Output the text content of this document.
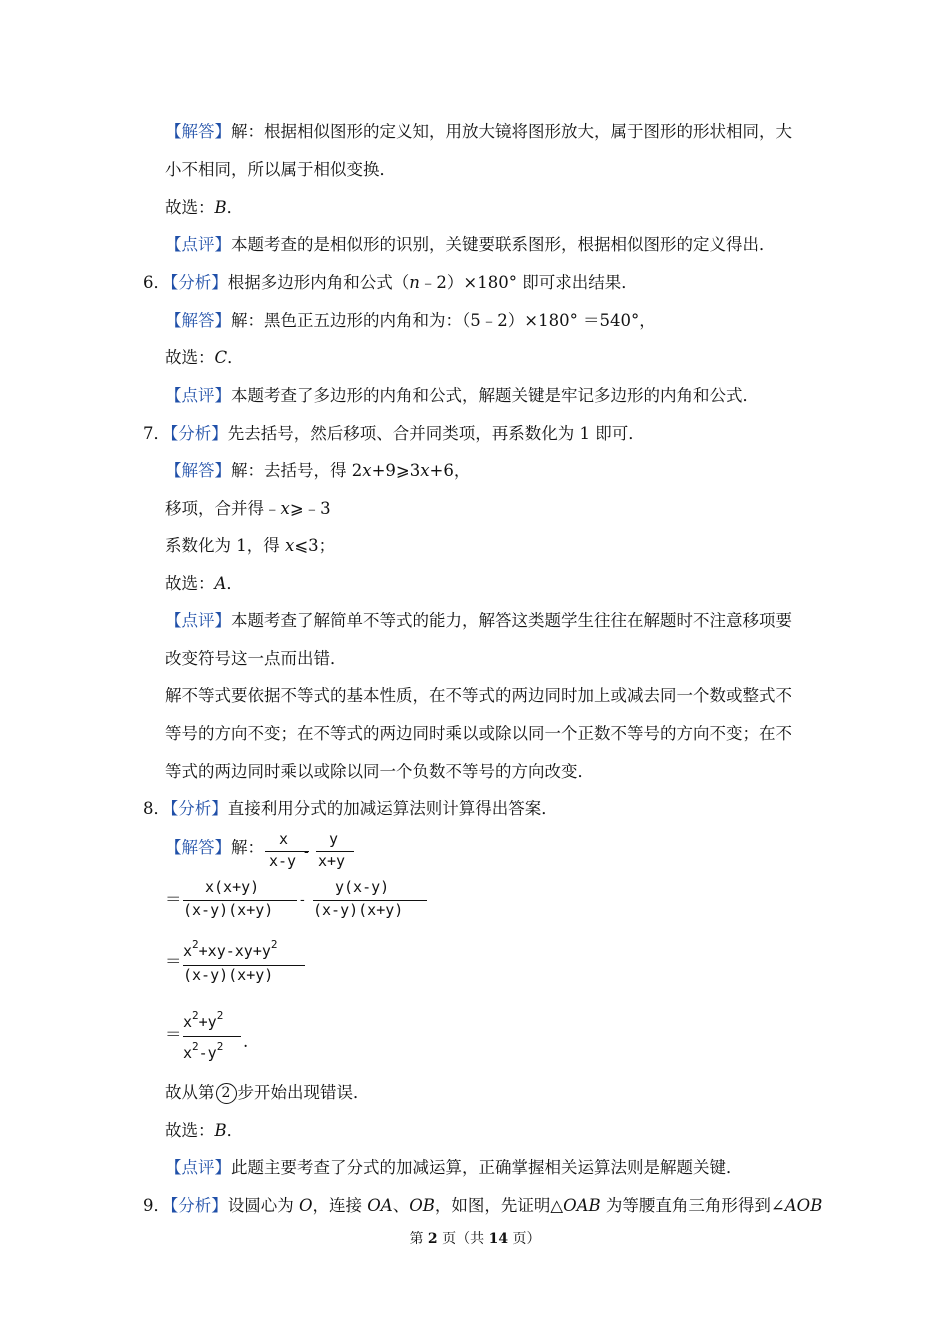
【解答】解：根据相似图形的定义知，用放大镜将图形放大，属于图形的形状相同，大
小不相同，所以属于相似变换．
故选：B．
【点评】本题考查的是相似形的识别，关键要联系图形，根据相似图形的定义得出．
6．【分析】根据多边形内角和公式（n﹣2）×180° 即可求出结果．
【解答】解：黑色正五边形的内角和为：（5﹣2）×180° ＝540°，
故选：C．
【点评】本题考查了多边形的内角和公式，解题关键是牢记多边形的内角和公式．
7．【分析】先去括号，然后移项、合并同类项，再系数化为 1 即可．
【解答】解：去括号，得 2x+9⩾3x+6，
移项，合并得﹣x⩾﹣3
系数化为 1，得 x⩽3；
故选：A．
【点评】本题考查了解简单不等式的能力，解答这类题学生往往在解题时不注意移项要
改变符号这一点而出错．
解不等式要依据不等式的基本性质，在不等式的两边同时加上或减去同一个数或整式不
等号的方向不变；在不等式的两边同时乘以或除以同一个正数不等号的方向不变；在不
等式的两边同时乘以或除以同一个负数不等号的方向改变．
8．【分析】直接利用分式的加减运算法则计算得出答案．
【解答】解： x
x-y -
y
x+y
＝
x(x+y)
(x-y)(x+y)
-
y(x-y)
(x-y)(x+y)
＝
$x^2+xy-xy+y^2$
(x-y)(x+y)
＝
$x^2+y^2$
$x^2-y^2$ .
故从第 2 步开始出现错误．
故选：B．
【点评】此题主要考查了分式的加减运算，正确掌握相关运算法则是解题关键．
9．【分析】设圆心为 O，连接 OA、OB，如图，先证明△OAB 为等腰直角三角形得到∠AOB
第 2 页（共 14 页）
